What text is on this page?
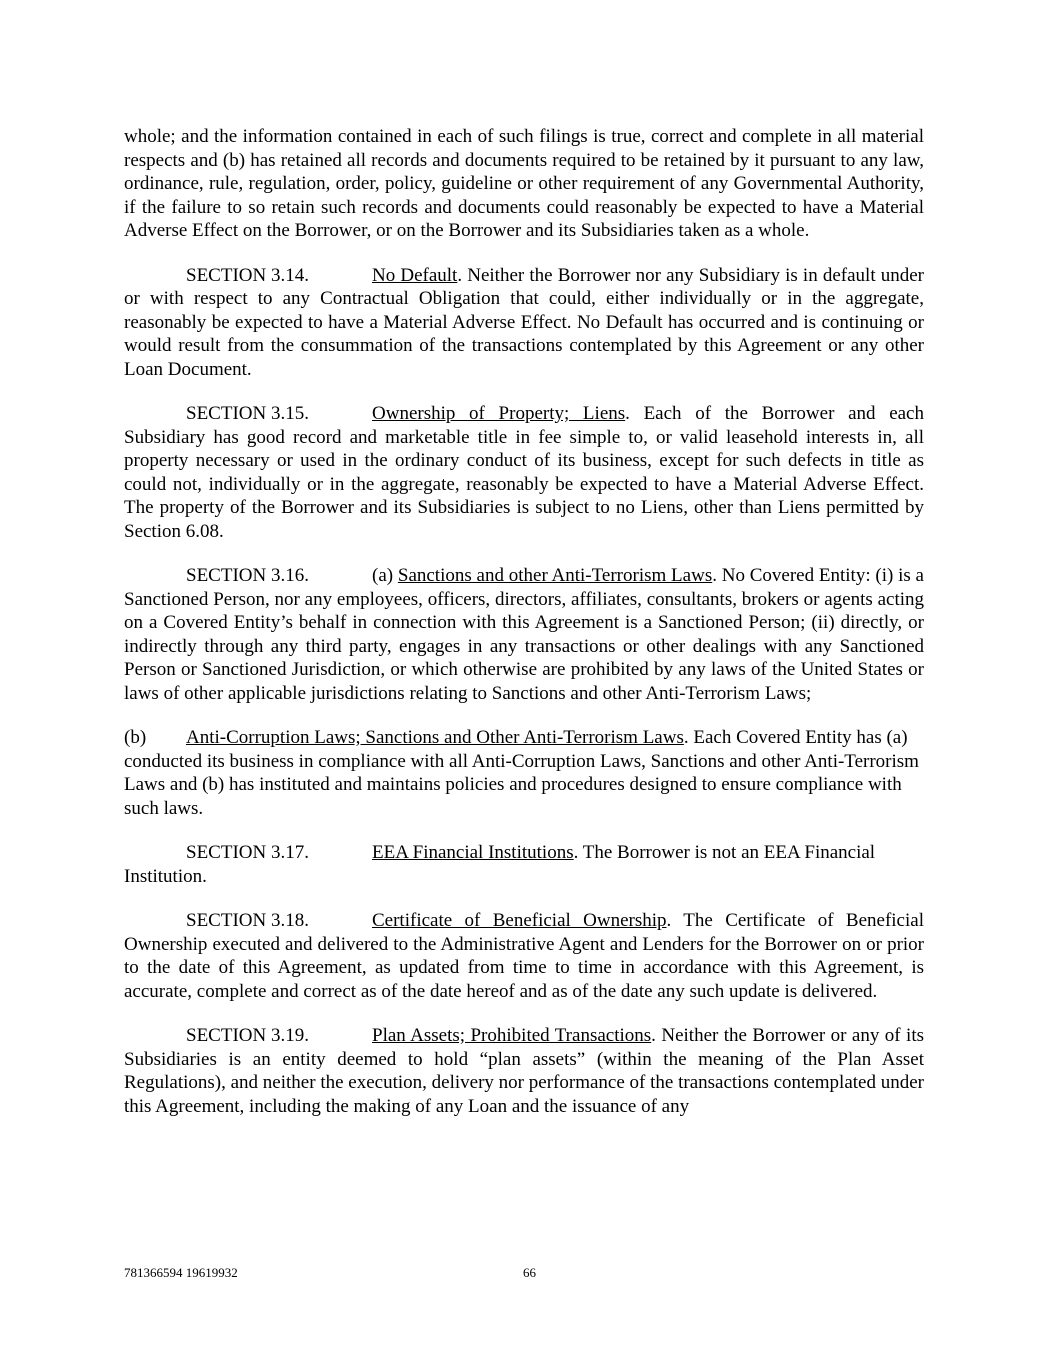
whole; and the information contained in each of such filings is true, correct and complete in all material respects and (b) has retained all records and documents required to be retained by it pursuant to any law, ordinance, rule, regulation, order, policy, guideline or other requirement of any Governmental Authority, if the failure to so retain such records and documents could reasonably be expected to have a Material Adverse Effect on the Borrower, or on the Borrower and its Subsidiaries taken as a whole.

SECTION 3.14.	No Default. Neither the Borrower nor any Subsidiary is in default under or with respect to any Contractual Obligation that could, either individually or in the aggregate, reasonably be expected to have a Material Adverse Effect. No Default has occurred and is continuing or would result from the consummation of the transactions contemplated by this Agreement or any other Loan Document.

SECTION 3.15.	Ownership of Property; Liens. Each of the Borrower and each Subsidiary has good record and marketable title in fee simple to, or valid leasehold interests in, all property necessary or used in the ordinary conduct of its business, except for such defects in title as could not, individually or in the aggregate, reasonably be expected to have a Material Adverse Effect. The property of the Borrower and its Subsidiaries is subject to no Liens, other than Liens permitted by Section 6.08.

SECTION 3.16.	(a) Sanctions and other Anti-Terrorism Laws. No Covered Entity: (i) is a Sanctioned Person, nor any employees, officers, directors, affiliates, consultants, brokers or agents acting on a Covered Entity’s behalf in connection with this Agreement is a Sanctioned Person; (ii) directly, or indirectly through any third party, engages in any transactions or other dealings with any Sanctioned Person or Sanctioned Jurisdiction, or which otherwise are prohibited by any laws of the United States or laws of other applicable jurisdictions relating to Sanctions and other Anti-Terrorism Laws;

(b) Anti-Corruption Laws; Sanctions and Other Anti-Terrorism Laws. Each Covered Entity has (a) conducted its business in compliance with all Anti-Corruption Laws, Sanctions and other Anti-Terrorism Laws and (b) has instituted and maintains policies and procedures designed to ensure compliance with such laws.

SECTION 3.17.	EEA Financial Institutions. The Borrower is not an EEA Financial Institution.

SECTION 3.18.	Certificate of Beneficial Ownership. The Certificate of Beneficial Ownership executed and delivered to the Administrative Agent and Lenders for the Borrower on or prior to the date of this Agreement, as updated from time to time in accordance with this Agreement, is accurate, complete and correct as of the date hereof and as of the date any such update is delivered.

SECTION 3.19.	Plan Assets; Prohibited Transactions. Neither the Borrower or any of its Subsidiaries is an entity deemed to hold “plan assets” (within the meaning of the Plan Asset Regulations), and neither the execution, delivery nor performance of the transactions contemplated under this Agreement, including the making of any Loan and the issuance of any

781366594 19619932	66
